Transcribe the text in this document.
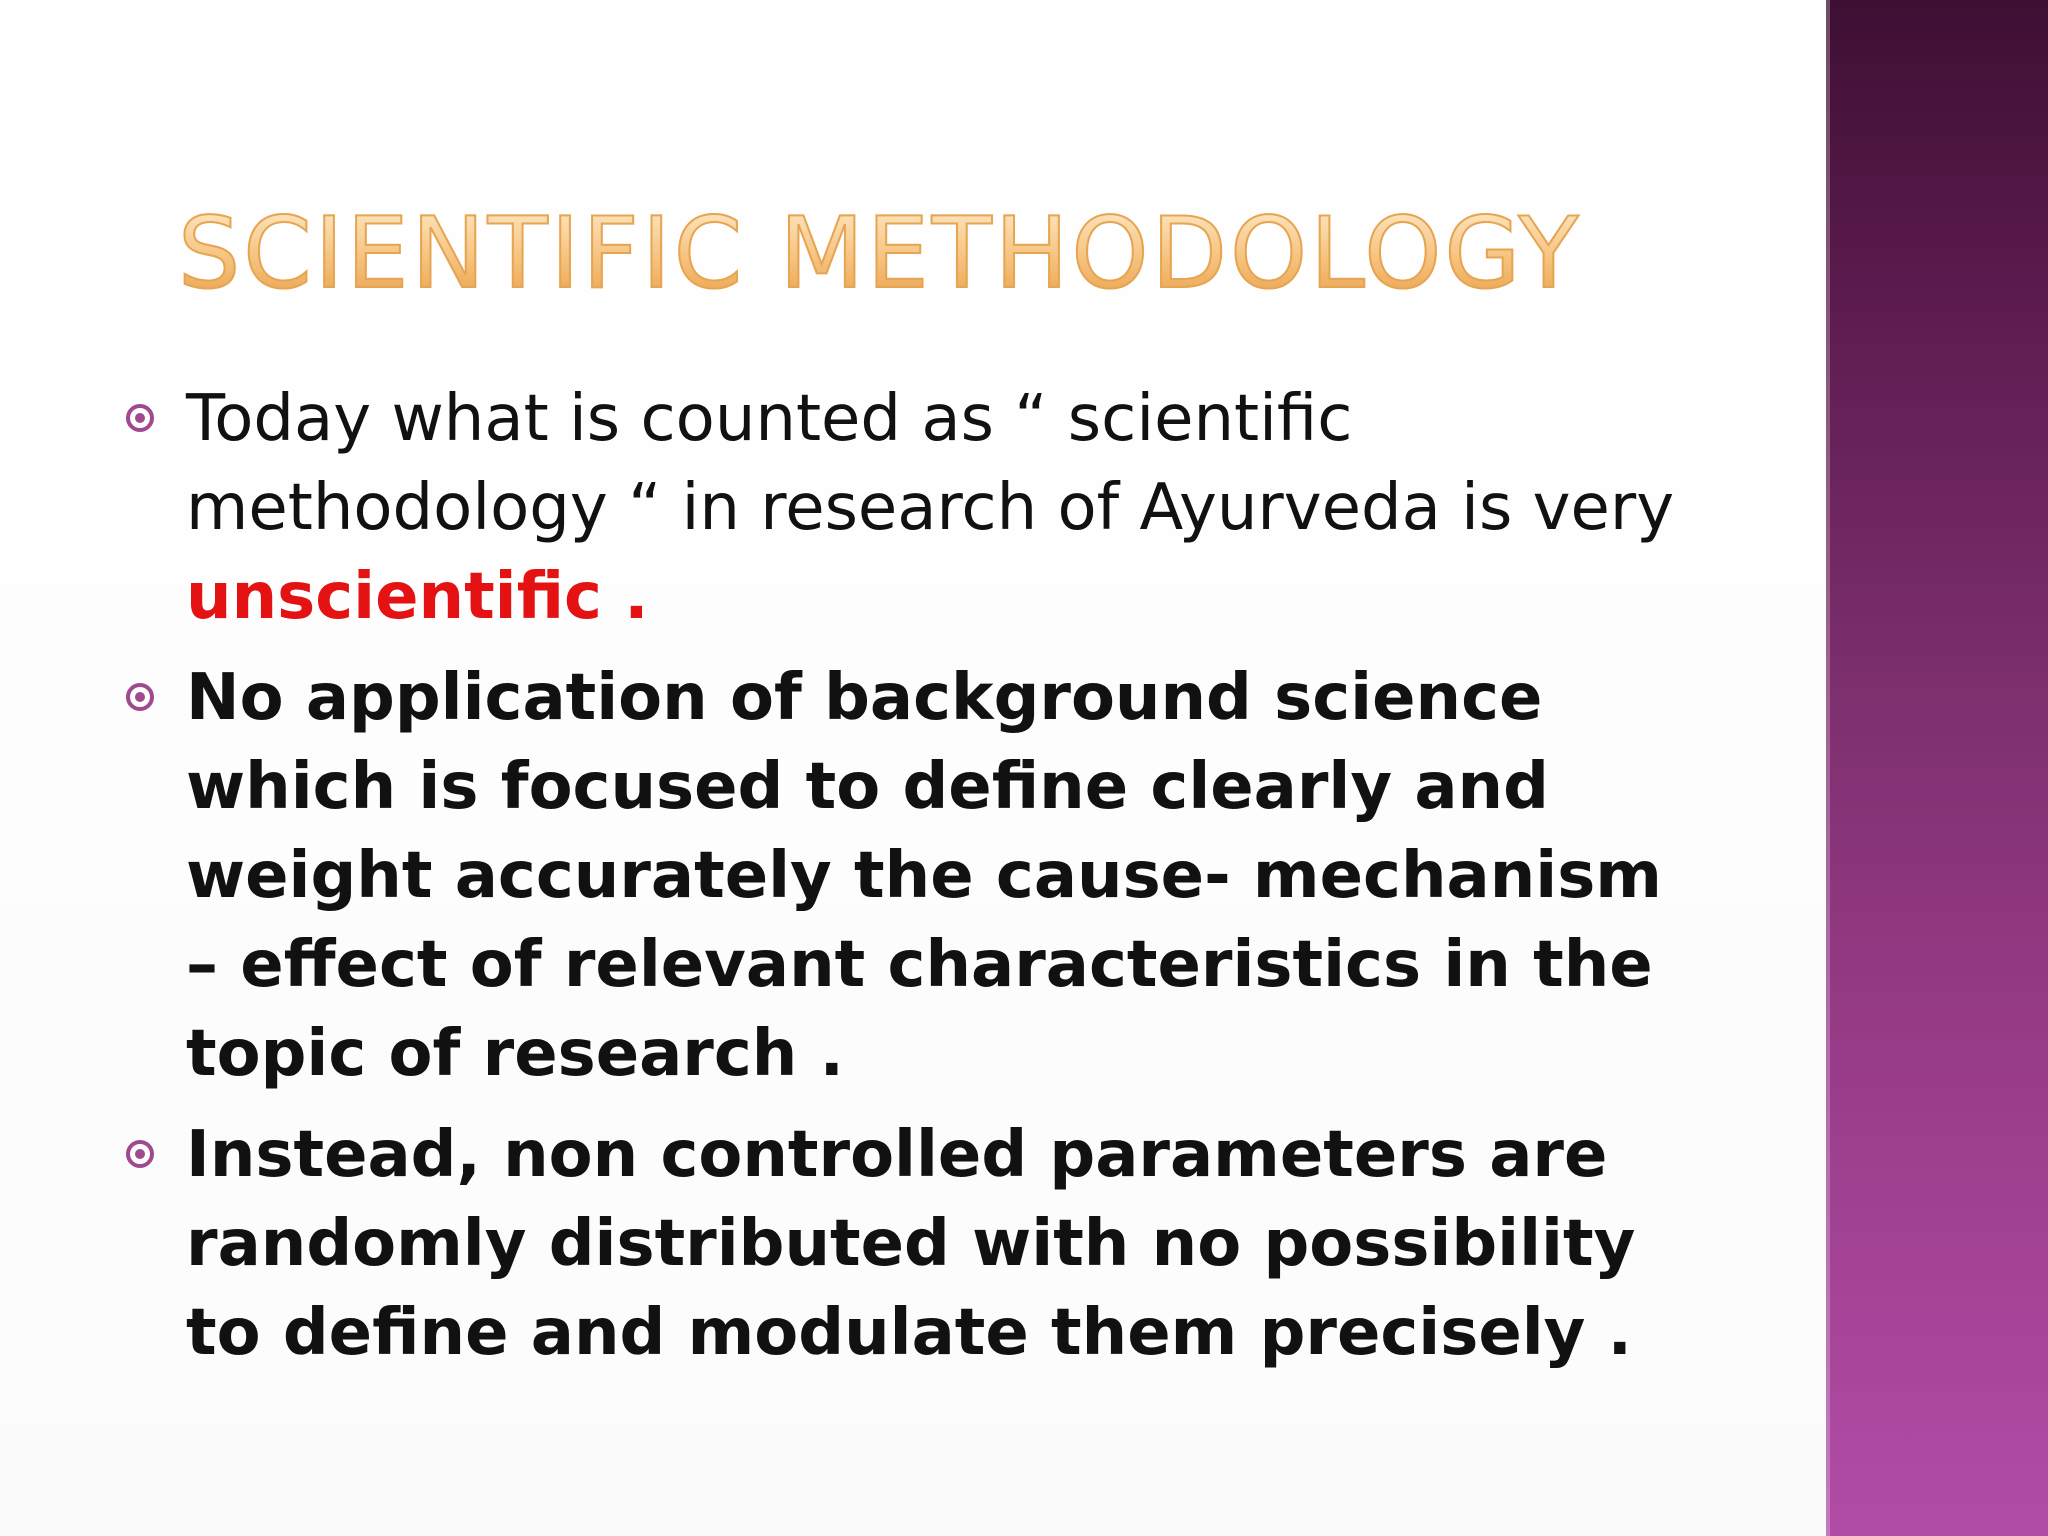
SCIENTIFIC METHODOLOGY
Today what is counted as “ scientific methodology “ in research of Ayurveda is very unscientific .
No application of background science which is focused to define clearly and weight accurately the cause- mechanism – effect of relevant characteristics in the topic of research .
Instead, non controlled parameters are randomly distributed with no possibility to define and modulate them precisely .
